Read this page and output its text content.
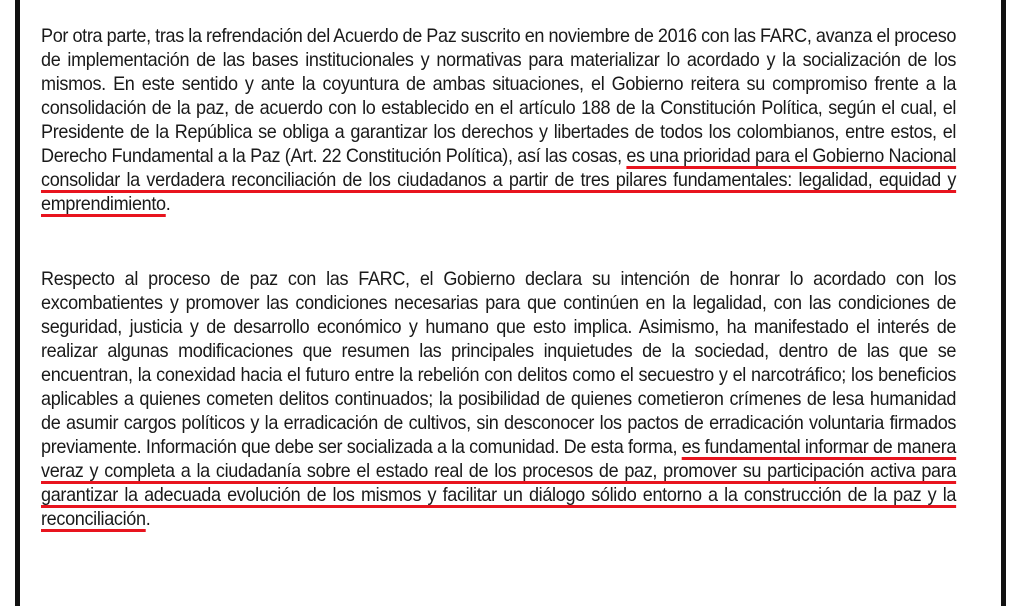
Por otra parte, tras la refrendación del Acuerdo de Paz suscrito en noviembre de 2016 con las FARC, avanza el proceso de implementación de las bases institucionales y normativas para materializar lo acordado y la socialización de los mismos. En este sentido y ante la coyuntura de ambas situaciones, el Gobierno reitera su compromiso frente a la consolidación de la paz, de acuerdo con lo establecido en el artículo 188 de la Constitución Política, según el cual, el Presidente de la República se obliga a garantizar los derechos y libertades de todos los colombianos, entre estos, el Derecho Fundamental a la Paz (Art. 22 Constitución Política), así las cosas, es una prioridad para el Gobierno Nacional consolidar la verdadera reconciliación de los ciudadanos a partir de tres pilares fundamentales: legalidad, equidad y emprendimiento.

Respecto al proceso de paz con las FARC, el Gobierno declara su intención de honrar lo acordado con los excombatientes y promover las condiciones necesarias para que continúen en la legalidad, con las condiciones de seguridad, justicia y de desarrollo económico y humano que esto implica. Asimismo, ha manifestado el interés de realizar algunas modificaciones que resumen las principales inquietudes de la sociedad, dentro de las que se encuentran, la conexidad hacia el futuro entre la rebelión con delitos como el secuestro y el narcotráfico; los beneficios aplicables a quienes cometen delitos continuados; la posibilidad de quienes cometieron crímenes de lesa humanidad de asumir cargos políticos y la erradicación de cultivos, sin desconocer los pactos de erradicación voluntaria firmados previamente. Información que debe ser socializada a la comunidad. De esta forma, es fundamental informar de manera veraz y completa a la ciudadanía sobre el estado real de los procesos de paz, promover su participación activa para garantizar la adecuada evolución de los mismos y facilitar un diálogo sólido entorno a la construcción de la paz y la reconciliación.
